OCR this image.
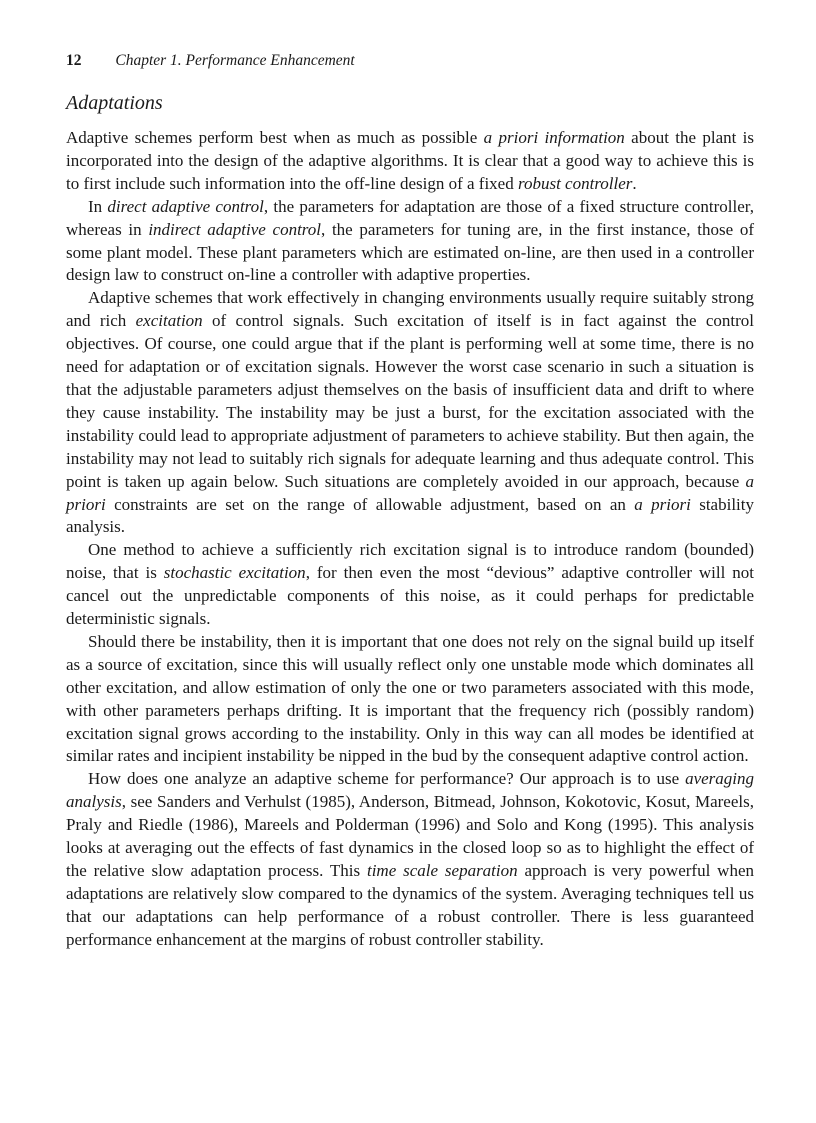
12 Chapter 1. Performance Enhancement
Adaptations

Adaptive schemes perform best when as much as possible a priori information about the plant is incorporated into the design of the adaptive algorithms. It is clear that a good way to achieve this is to first include such information into the off-line design of a fixed robust controller.

In direct adaptive control, the parameters for adaptation are those of a fixed structure controller, whereas in indirect adaptive control, the parameters for tuning are, in the first instance, those of some plant model. These plant parameters which are estimated on-line, are then used in a controller design law to construct on-line a controller with adaptive properties.

Adaptive schemes that work effectively in changing environments usually require suitably strong and rich excitation of control signals. Such excitation of itself is in fact against the control objectives. Of course, one could argue that if the plant is performing well at some time, there is no need for adaptation or of excitation signals. However the worst case scenario in such a situation is that the adjustable parameters adjust themselves on the basis of insufficient data and drift to where they cause instability. The instability may be just a burst, for the excitation associated with the instability could lead to appropriate adjustment of parameters to achieve stability. But then again, the instability may not lead to suitably rich signals for adequate learning and thus adequate control. This point is taken up again below. Such situations are completely avoided in our approach, because a priori constraints are set on the range of allowable adjustment, based on an a priori stability analysis.

One method to achieve a sufficiently rich excitation signal is to introduce random (bounded) noise, that is stochastic excitation, for then even the most “devious” adaptive controller will not cancel out the unpredictable components of this noise, as it could perhaps for predictable deterministic signals.

Should there be instability, then it is important that one does not rely on the signal build up itself as a source of excitation, since this will usually reflect only one unstable mode which dominates all other excitation, and allow estimation of only the one or two parameters associated with this mode, with other parameters perhaps drifting. It is important that the frequency rich (possibly random) excitation signal grows according to the instability. Only in this way can all modes be identified at similar rates and incipient instability be nipped in the bud by the consequent adaptive control action.

How does one analyze an adaptive scheme for performance? Our approach is to use averaging analysis, see Sanders and Verhulst (1985), Anderson, Bitmead, Johnson, Kokotovic, Kosut, Mareels, Praly and Riedle (1986), Mareels and Polderman (1996) and Solo and Kong (1995). This analysis looks at averaging out the effects of fast dynamics in the closed loop so as to highlight the effect of the relative slow adaptation process. This time scale separation approach is very powerful when adaptations are relatively slow compared to the dynamics of the system. Averaging techniques tell us that our adaptations can help performance of a robust controller. There is less guaranteed performance enhancement at the margins of robust controller stability.
